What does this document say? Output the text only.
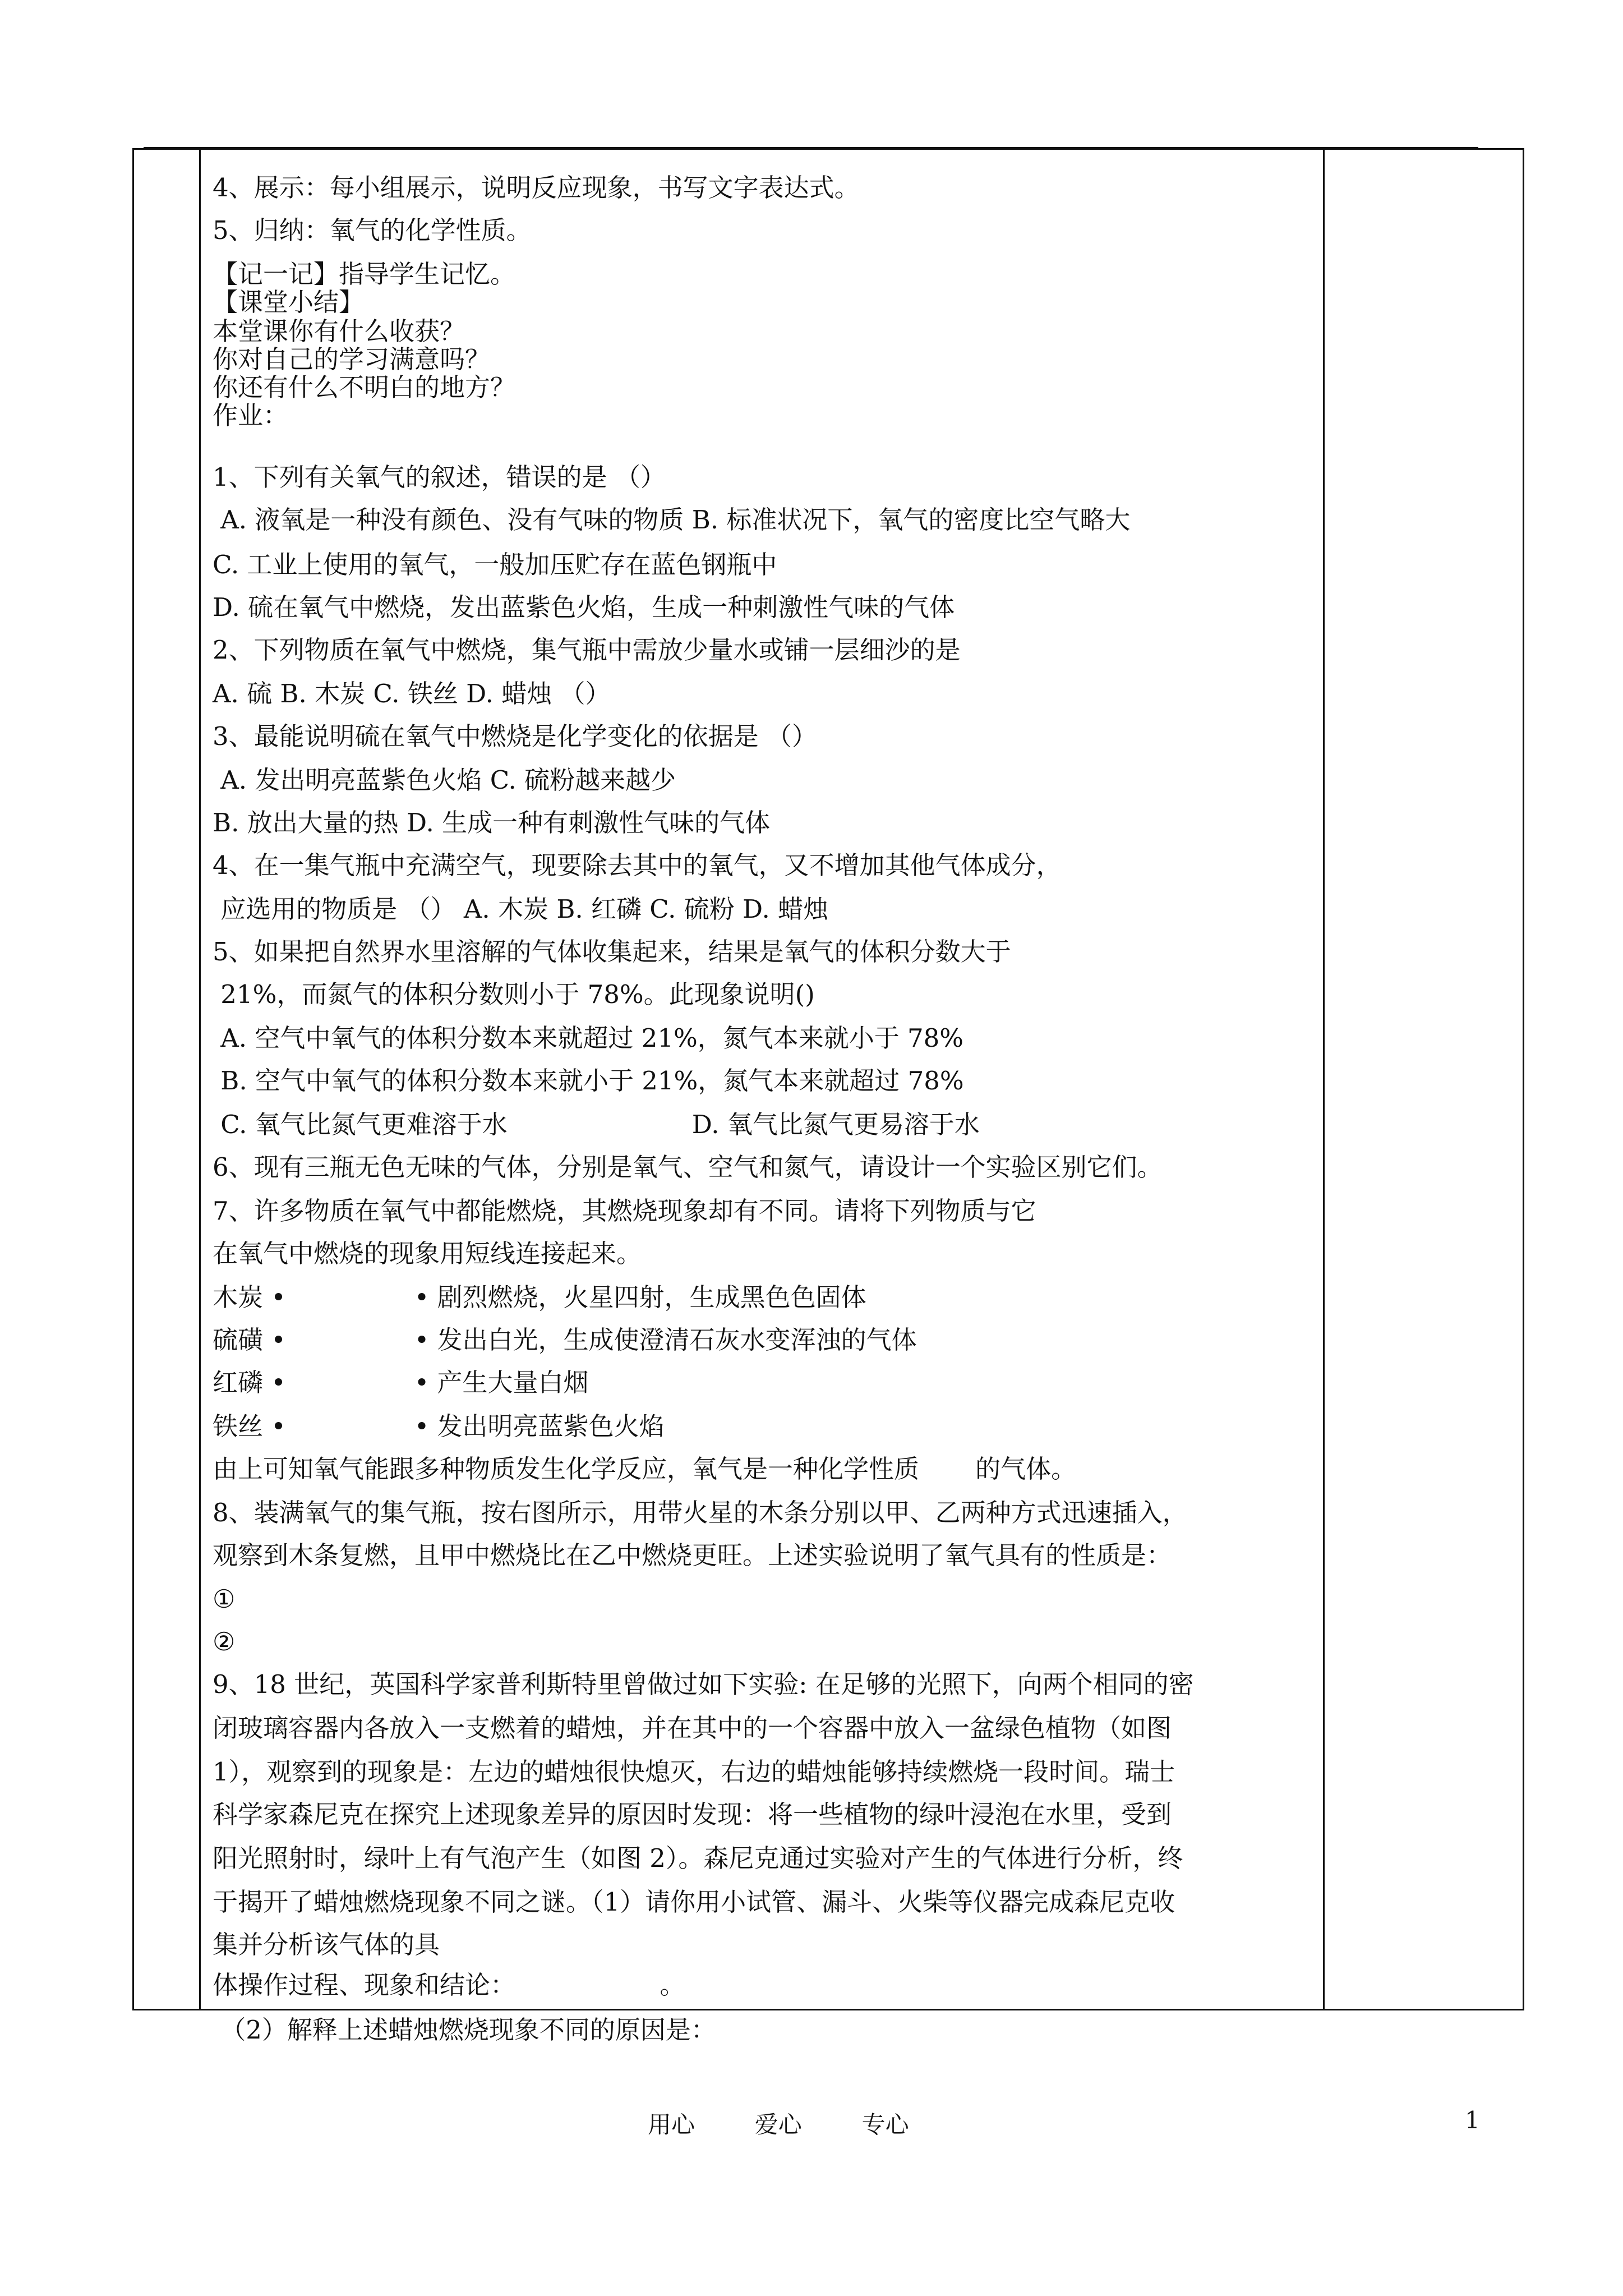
4、展示：每小组展示，说明反应现象，书写文字表达式。
5、归纳：氧气的化学性质。
【记一记】指导学生记忆。
【课堂小结】
本堂课你有什么收获？
你对自己的学习满意吗？
你还有什么不明白的地方？
作业：
1、下列有关氧气的叙述，错误的是 （）
A. 液氧是一种没有颜色、没有气味的物质 B. 标准状况下，氧气的密度比空气略大
C. 工业上使用的氧气，一般加压贮存在蓝色钢瓶中
D. 硫在氧气中燃烧，发出蓝紫色火焰，生成一种刺激性气味的气体
2、下列物质在氧气中燃烧，集气瓶中需放少量水或铺一层细沙的是
A. 硫 B. 木炭 C. 铁丝 D. 蜡烛 （）
3、最能说明硫在氧气中燃烧是化学变化的依据是 （）
A. 发出明亮蓝紫色火焰 C. 硫粉越来越少
B. 放出大量的热 D. 生成一种有刺激性气味的气体
4、在一集气瓶中充满空气，现要除去其中的氧气，又不增加其他气体成分，
应选用的物质是 （） A. 木炭 B. 红磷 C. 硫粉 D. 蜡烛
5、如果把自然界水里溶解的气体收集起来，结果是氧气的体积分数大于
21%，而氮气的体积分数则小于 78%。此现象说明()
A. 空气中氧气的体积分数本来就超过 21%，氮气本来就小于 78%
B. 空气中氧气的体积分数本来就小于 21%，氮气本来就超过 78%
C. 氧气比氮气更难溶于水                       D. 氧气比氮气更易溶于水
6、现有三瓶无色无味的气体，分别是氧气、空气和氮气，请设计一个实验区别它们。
7、许多物质在氧气中都能燃烧，其燃烧现象却有不同。请将下列物质与它
在氧气中燃烧的现象用短线连接起来。
木炭 •                • 剧烈燃烧，火星四射，生成黑色色固体
硫磺 •                • 发出白光，生成使澄清石灰水变浑浊的气体
红磷 •                • 产生大量白烟
铁丝 •                • 发出明亮蓝紫色火焰
由上可知氧气能跟多种物质发生化学反应，氧气是一种化学性质       的气体。
8、装满氧气的集气瓶，按右图所示，用带火星的木条分别以甲、乙两种方式迅速插入，
观察到木条复燃，且甲中燃烧比在乙中燃烧更旺。上述实验说明了氧气具有的性质是：
①
②
9、18 世纪，英国科学家普利斯特里曾做过如下实验: 在足够的光照下，向两个相同的密
闭玻璃容器内各放入一支燃着的蜡烛，并在其中的一个容器中放入一盆绿色植物（如图
1），观察到的现象是：左边的蜡烛很快熄灭，右边的蜡烛能够持续燃烧一段时间。瑞士
科学家森尼克在探究上述现象差异的原因时发现：将一些植物的绿叶浸泡在水里，受到
阳光照射时，绿叶上有气泡产生（如图 2）。森尼克通过实验对产生的气体进行分析，终
于揭开了蜡烛燃烧现象不同之谜。（1）请你用小试管、漏斗、火柴等仪器完成森尼克收
集并分析该气体的具
体操作过程、现象和结论：                  。
（2）解释上述蜡烛燃烧现象不同的原因是：
用心        爱心        专心	1
